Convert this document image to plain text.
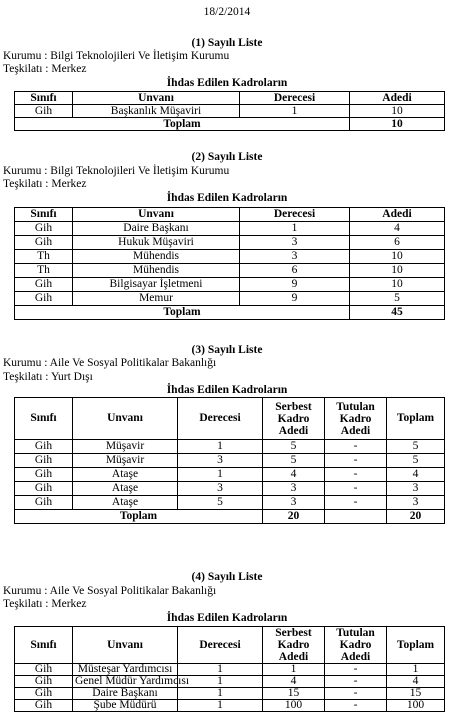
18/2/2014
(1) Sayılı Liste
Kurumu : Bilgi Teknolojileri Ve İletişim Kurumu
Teşkilatı : Merkez
İhdas Edilen Kadroların
Sınıfı	Unvanı	Derecesi	Adedi
Gih	Başkanlık Müşaviri	1	10
Toplam			10
(2) Sayılı Liste
Kurumu : Bilgi Teknolojileri Ve İletişim Kurumu
Teşkilatı : Merkez
İhdas Edilen Kadroların
Sınıfı	Unvanı	Derecesi	Adedi
Gih	Daire Başkanı	1	4
Gih	Hukuk Müşaviri	3	6
Th	Mühendis	3	10
Th	Mühendis	6	10
Gih	Bilgisayar İşletmeni	9	10
Gih	Memur	9	5
Toplam			45
(3) Sayılı Liste
Kurumu : Aile Ve Sosyal Politikalar Bakanlığı
Teşkilatı : Yurt Dışı
İhdas Edilen Kadroların
Sınıfı	Unvanı	Derecesi	Serbest Kadro Adedi	Tutulan Kadro Adedi	Toplam
Gih	Müşavir	1	5	-	5
Gih	Müşavir	3	5	-	5
Gih	Ataşe	1	4	-	4
Gih	Ataşe	3	3	-	3
Gih	Ataşe	5	3	-	3
Toplam			20		20
(4) Sayılı Liste
Kurumu : Aile Ve Sosyal Politikalar Bakanlığı
Teşkilatı : Merkez
İhdas Edilen Kadroların
Sınıfı	Unvanı	Derecesi	Serbest Kadro Adedi	Tutulan Kadro Adedi	Toplam
Gih	Müsteşar Yardımcısı	1	1	-	1
Gih	Genel Müdür Yardımcısı	1	4	-	4
Gih	Daire Başkanı	1	15	-	15
Gih	Şube Müdürü	1	100	-	100
